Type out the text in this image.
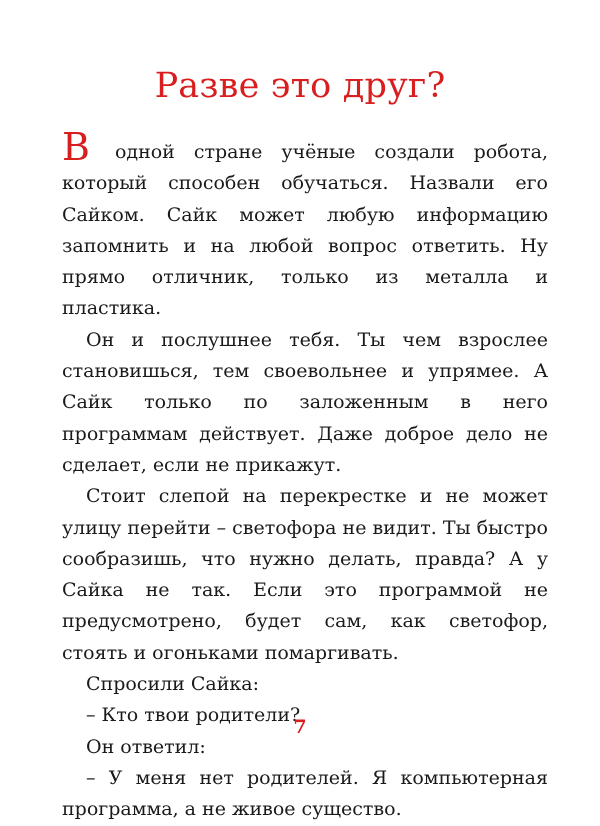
Разве это друг?

В одной стране учёные создали робота, который способен обучаться. Назвали его Сайком. Сайк может любую информацию запомнить и на любой вопрос ответить. Ну прямо отличник, только из металла и пластика.

Он и послушнее тебя. Ты чем взрослее становишься, тем своевольнее и упрямее. А Сайк только по заложенным в него программам действует. Даже доброе дело не сделает, если не прикажут.

Стоит слепой на перекрестке и не может улицу перейти – светофора не видит. Ты быстро сообразишь, что нужно делать, правда? А у Сайка не так. Если это программой не предусмотрено, будет сам, как светофор, стоять и огоньками помаргивать.

Спросили Сайка:

– Кто твои родители?

Он ответил:

– У меня нет родителей. Я компьютерная программа, а не живое существо.

7
